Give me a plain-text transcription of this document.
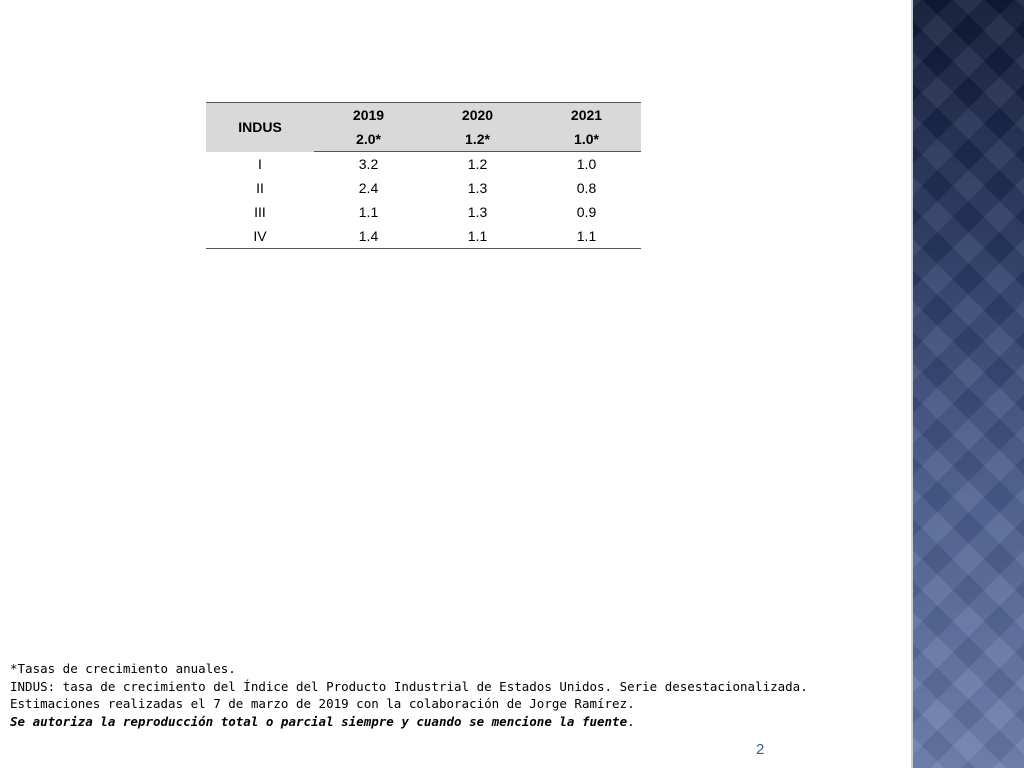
INDUS	2019	2020	2021
	2.0*	1.2*	1.0*
I	3.2	1.2	1.0
II	2.4	1.3	0.8
III	1.1	1.3	0.9
IV	1.4	1.1	1.1
*Tasas de crecimiento anuales.
INDUS: tasa de crecimiento del Índice del Producto Industrial de Estados Unidos. Serie desestacionalizada.
Estimaciones realizadas el 7 de marzo de 2019 con la colaboración de Jorge Ramírez.
Se autoriza la reproducción total o parcial siempre y cuando se mencione la fuente.
2
